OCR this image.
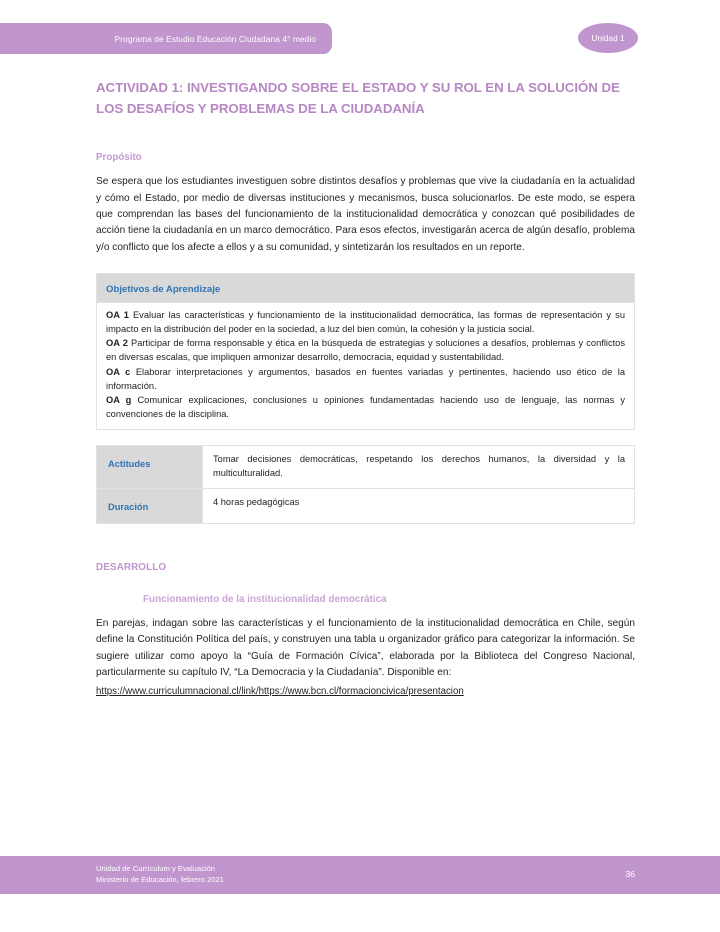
Programa de Estudio Educación Ciudadana 4° medio	Unidad 1
ACTIVIDAD 1: INVESTIGANDO SOBRE EL ESTADO Y SU ROL EN LA SOLUCIÓN DE LOS DESAFÍOS Y PROBLEMAS DE LA CIUDADANÍA
Propósito

Se espera que los estudiantes investiguen sobre distintos desafíos y problemas que vive la ciudadanía en la actualidad y cómo el Estado, por medio de diversas instituciones y mecanismos, busca solucionarlos. De este modo, se espera que comprendan las bases del funcionamiento de la institucionalidad democrática y conozcan qué posibilidades de acción tiene la ciudadanía en un marco democrático. Para esos efectos, investigarán acerca de algún desafío, problema y/o conflicto que los afecte a ellos y a su comunidad, y sintetizarán los resultados en un reporte.

Objetivos de Aprendizaje

OA 1 Evaluar las características y funcionamiento de la institucionalidad democrática, las formas de representación y su impacto en la distribución del poder en la sociedad, a luz del bien común, la cohesión y la justicia social.

OA 2 Participar de forma responsable y ética en la búsqueda de estrategias y soluciones a desafíos, problemas y conflictos en diversas escalas, que impliquen armonizar desarrollo, democracia, equidad y sustentabilidad.

OA c Elaborar interpretaciones y argumentos, basados en fuentes variadas y pertinentes, haciendo uso ético de la información.

OA g Comunicar explicaciones, conclusiones u opiniones fundamentadas haciendo uso de lenguaje, las normas y convenciones de la disciplina.

Actitudes	Tomar decisiones democráticas, respetando los derechos humanos, la diversidad y la multiculturalidad.

Duración	4 horas pedagógicas

DESARROLLO
Funcionamiento de la institucionalidad democrática

En parejas, indagan sobre las características y el funcionamiento de la institucionalidad democrática en Chile, según define la Constitución Política del país, y construyen una tabla u organizador gráfico para categorizar la información. Se sugiere utilizar como apoyo la “Guía de Formación Cívica”, elaborada por la Biblioteca del Congreso Nacional, particularmente su capítulo IV, “La Democracia y la Ciudadanía”. Disponible en:

https://www.curriculumnacional.cl/link/https://www.bcn.cl/formacioncivica/presentacion
Unidad de Currículum y Evaluación
Ministerio de Educación, febrero 2021
36
